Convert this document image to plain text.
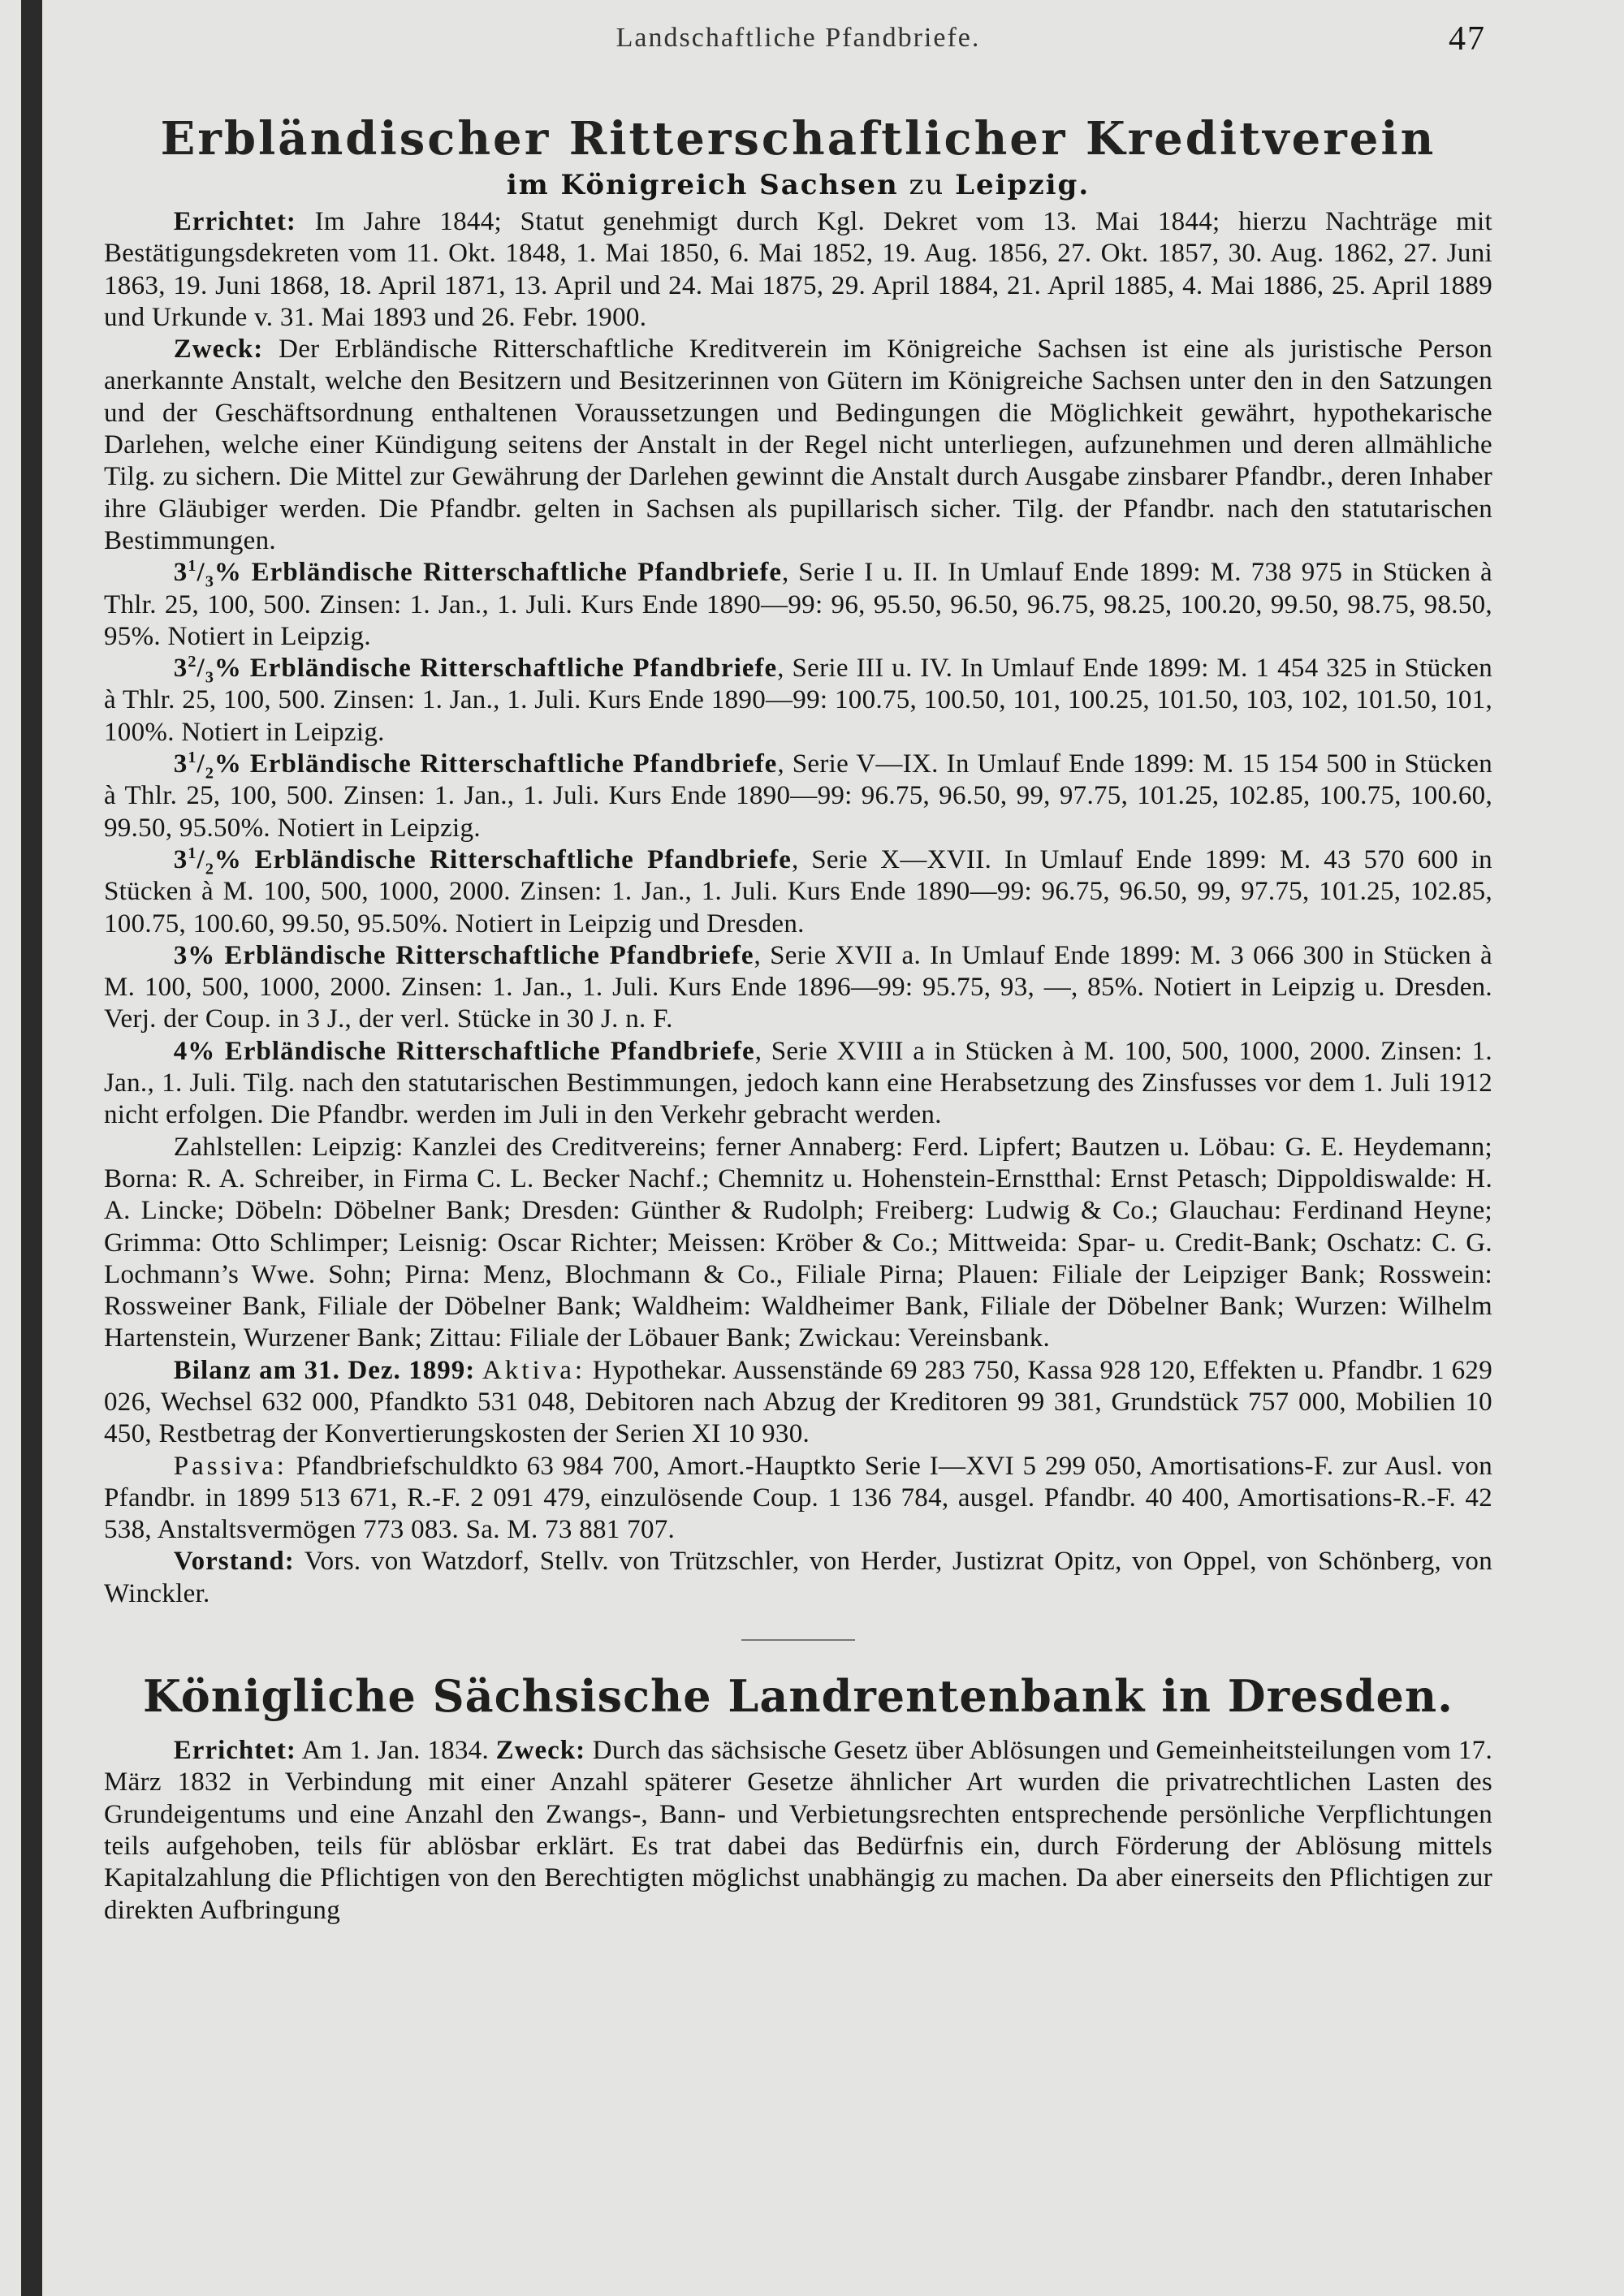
Landschaftliche Pfandbriefe.	47
Erbländischer Ritterschaftlicher Kreditverein
im Königreich Sachsen zu Leipzig.

Errichtet: Im Jahre 1844; Statut genehmigt durch Kgl. Dekret vom 13. Mai 1844; hierzu Nachträge mit Bestätigungsdekreten vom 11. Okt. 1848, 1. Mai 1850, 6. Mai 1852, 19. Aug. 1856, 27. Okt. 1857, 30. Aug. 1862, 27. Juni 1863, 19. Juni 1868, 18. April 1871, 13. April und 24. Mai 1875, 29. April 1884, 21. April 1885, 4. Mai 1886, 25. April 1889 und Urkunde v. 31. Mai 1893 und 26. Febr. 1900.

Zweck: Der Erbländische Ritterschaftliche Kreditverein im Königreiche Sachsen ist eine als juristische Person anerkannte Anstalt, welche den Besitzern und Besitzerinnen von Gütern im Königreiche Sachsen unter den in den Satzungen und der Geschäftsordnung enthaltenen Voraussetzungen und Bedingungen die Möglichkeit gewährt, hypothekarische Darlehen, welche einer Kündigung seitens der Anstalt in der Regel nicht unterliegen, aufzunehmen und deren allmähliche Tilg. zu sichern. Die Mittel zur Gewährung der Darlehen gewinnt die Anstalt durch Ausgabe zinsbarer Pfandbr., deren Inhaber ihre Gläubiger werden. Die Pfandbr. gelten in Sachsen als pupillarisch sicher. Tilg. der Pfandbr. nach den statutarischen Bestimmungen.

$3^1/_3\%$ Erbländische Ritterschaftliche Pfandbriefe, Serie I u. II. In Umlauf Ende 1899: M. 738 975 in Stücken à Thlr. 25, 100, 500. Zinsen: 1. Jan., 1. Juli. Kurs Ende 1890—99: 96, 95.50, 96.50, 96.75, 98.25, 100.20, 99.50, 98.75, 98.50, 95%. Notiert in Leipzig.

$3^2/_3\%$ Erbländische Ritterschaftliche Pfandbriefe, Serie III u. IV. In Umlauf Ende 1899: M. 1 454 325 in Stücken à Thlr. 25, 100, 500. Zinsen: 1. Jan., 1. Juli. Kurs Ende 1890—99: 100.75, 100.50, 101, 100.25, 101.50, 103, 102, 101.50, 101, 100%. Notiert in Leipzig.

$3^1/_2\%$ Erbländische Ritterschaftliche Pfandbriefe, Serie V—IX. In Umlauf Ende 1899: M. 15 154 500 in Stücken à Thlr. 25, 100, 500. Zinsen: 1. Jan., 1. Juli. Kurs Ende 1890—99: 96.75, 96.50, 99, 97.75, 101.25, 102.85, 100.75, 100.60, 99.50, 95.50%. Notiert in Leipzig.

$3^1/_2\%$ Erbländische Ritterschaftliche Pfandbriefe, Serie X—XVII. In Umlauf Ende 1899: M. 43 570 600 in Stücken à M. 100, 500, 1000, 2000. Zinsen: 1. Jan., 1. Juli. Kurs Ende 1890—99: 96.75, 96.50, 99, 97.75, 101.25, 102.85, 100.75, 100.60, 99.50, 95.50%. Notiert in Leipzig und Dresden.

3% Erbländische Ritterschaftliche Pfandbriefe, Serie XVII a. In Umlauf Ende 1899: M. 3 066 300 in Stücken à M. 100, 500, 1000, 2000. Zinsen: 1. Jan., 1. Juli. Kurs Ende 1896—99: 95.75, 93, —, 85%. Notiert in Leipzig u. Dresden. Verj. der Coup. in 3 J., der verl. Stücke in 30 J. n. F.

4% Erbländische Ritterschaftliche Pfandbriefe, Serie XVIII a in Stücken à M. 100, 500, 1000, 2000. Zinsen: 1. Jan., 1. Juli. Tilg. nach den statutarischen Bestimmungen, jedoch kann eine Herabsetzung des Zinsfusses vor dem 1. Juli 1912 nicht erfolgen. Die Pfandbr. werden im Juli in den Verkehr gebracht werden.

Zahlstellen: Leipzig: Kanzlei des Creditvereins; ferner Annaberg: Ferd. Lipfert; Bautzen u. Löbau: G. E. Heydemann; Borna: R. A. Schreiber, in Firma C. L. Becker Nachf.; Chemnitz u. Hohenstein-Ernstthal: Ernst Petasch; Dippoldiswalde: H. A. Lincke; Döbeln: Döbelner Bank; Dresden: Günther & Rudolph; Freiberg: Ludwig & Co.; Glauchau: Ferdinand Heyne; Grimma: Otto Schlimper; Leisnig: Oscar Richter; Meissen: Kröber & Co.; Mittweida: Spar- u. Credit-Bank; Oschatz: C. G. Lochmann’s Wwe. Sohn; Pirna: Menz, Blochmann & Co., Filiale Pirna; Plauen: Filiale der Leipziger Bank; Rosswein: Rossweiner Bank, Filiale der Döbelner Bank; Waldheim: Waldheimer Bank, Filiale der Döbelner Bank; Wurzen: Wilhelm Hartenstein, Wurzener Bank; Zittau: Filiale der Löbauer Bank; Zwickau: Vereinsbank.

Bilanz am 31. Dez. 1899: Aktiva: Hypothekar. Aussenstände 69 283 750, Kassa 928 120, Effekten u. Pfandbr. 1 629 026, Wechsel 632 000, Pfandkto 531 048, Debitoren nach Abzug der Kreditoren 99 381, Grundstück 757 000, Mobilien 10 450, Restbetrag der Konvertierungskosten der Serien XI 10 930.

Passiva: Pfandbriefschuldkto 63 984 700, Amort.-Hauptkto Serie I—XVI 5 299 050, Amortisations-F. zur Ausl. von Pfandbr. in 1899 513 671, R.-F. 2 091 479, einzulösende Coup. 1 136 784, ausgel. Pfandbr. 40 400, Amortisations-R.-F. 42 538, Anstaltsvermögen 773 083. Sa. M. 73 881 707.

Vorstand: Vors. von Watzdorf, Stellv. von Trützschler, von Herder, Justizrat Opitz, von Oppel, von Schönberg, von Winckler.

Königliche Sächsische Landrentenbank in Dresden.

Errichtet: Am 1. Jan. 1834. Zweck: Durch das sächsische Gesetz über Ablösungen und Gemeinheitsteilungen vom 17. März 1832 in Verbindung mit einer Anzahl späterer Gesetze ähnlicher Art wurden die privatrechtlichen Lasten des Grundeigentums und eine Anzahl den Zwangs-, Bann- und Verbietungsrechten entsprechende persönliche Verpflichtungen teils aufgehoben, teils für ablösbar erklärt. Es trat dabei das Bedürfnis ein, durch Förderung der Ablösung mittels Kapitalzahlung die Pflichtigen von den Berechtigten möglichst unabhängig zu machen. Da aber einerseits den Pflichtigen zur direkten Aufbringung
